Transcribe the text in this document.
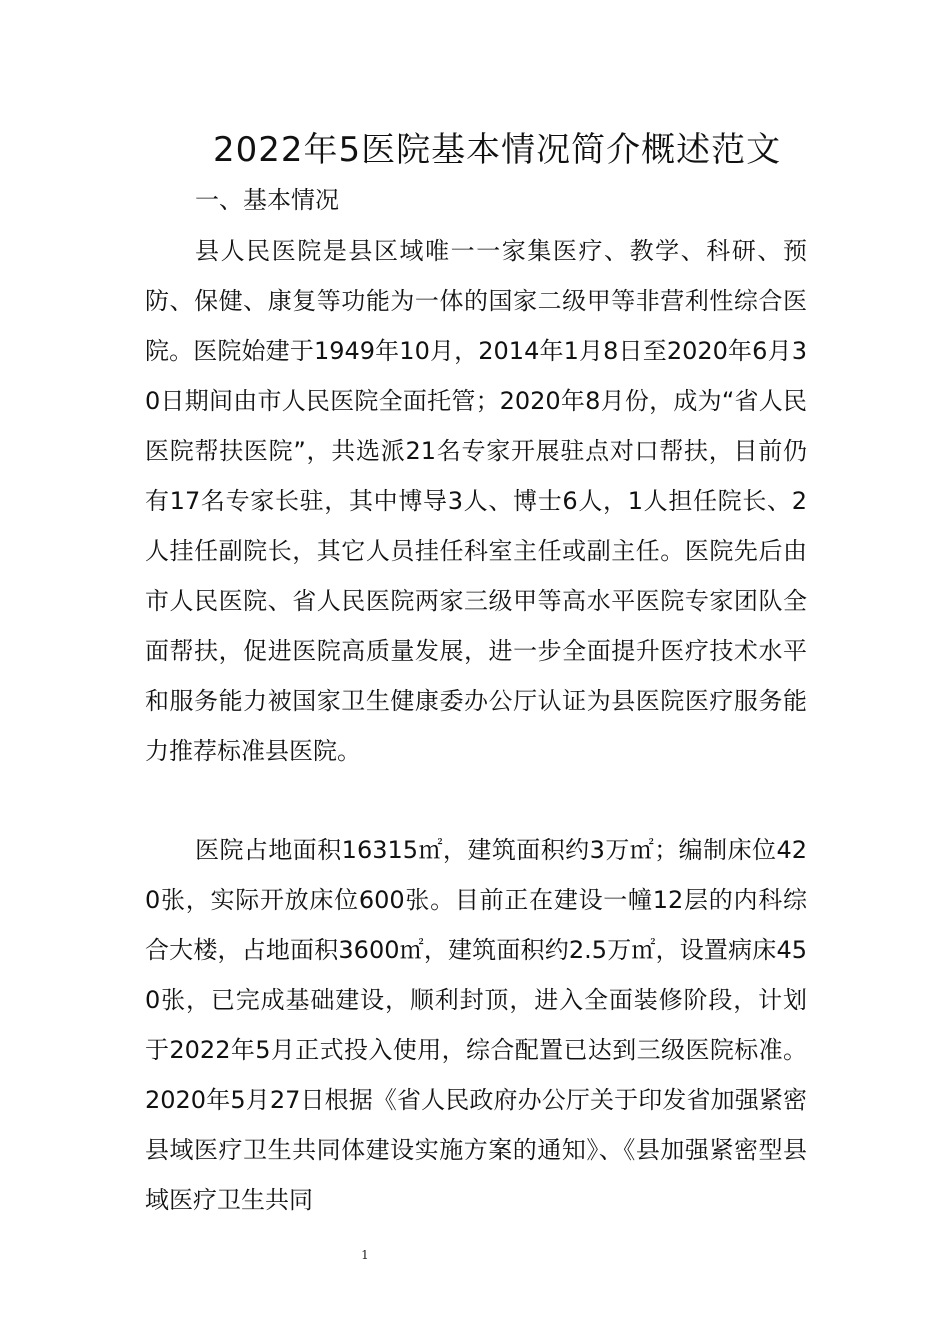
2022年5医院基本情况简介概述范文
一、基本情况

县人民医院是县区域唯一一家集医疗、教学、科研、预防、保健、康复等功能为一体的国家二级甲等非营利性综合医院。医院始建于1949年10月，2014年1月8日至2020年6月30日期间由市人民医院全面托管；2020年8月份，成为“省人民医院帮扶医院”，共选派21名专家开展驻点对口帮扶，目前仍有17名专家长驻，其中博导3人、博士6人，1人担任院长、2人挂任副院长，其它人员挂任科室主任或副主任。医院先后由市人民医院、省人民医院两家三级甲等高水平医院专家团队全面帮扶，促进医院高质量发展，进一步全面提升医疗技术水平和服务能力被国家卫生健康委办公厅认证为县医院医疗服务能力推荐标准县医院。

医院占地面积16315㎡，建筑面积约3万㎡；编制床位420张，实际开放床位600张。目前正在建设一幢12层的内科综合大楼，占地面积3600㎡，建筑面积约2.5万㎡，设置病床450张，已完成基础建设，顺利封顶，进入全面装修阶段，计划于2022年5月正式投入使用，综合配置已达到三级医院标准。2020年5月27日根据《省人民政府办公厅关于印发省加强紧密县域医疗卫生共同体建设实施方案的通知》、《县加强紧密型县域医疗卫生共同

1
